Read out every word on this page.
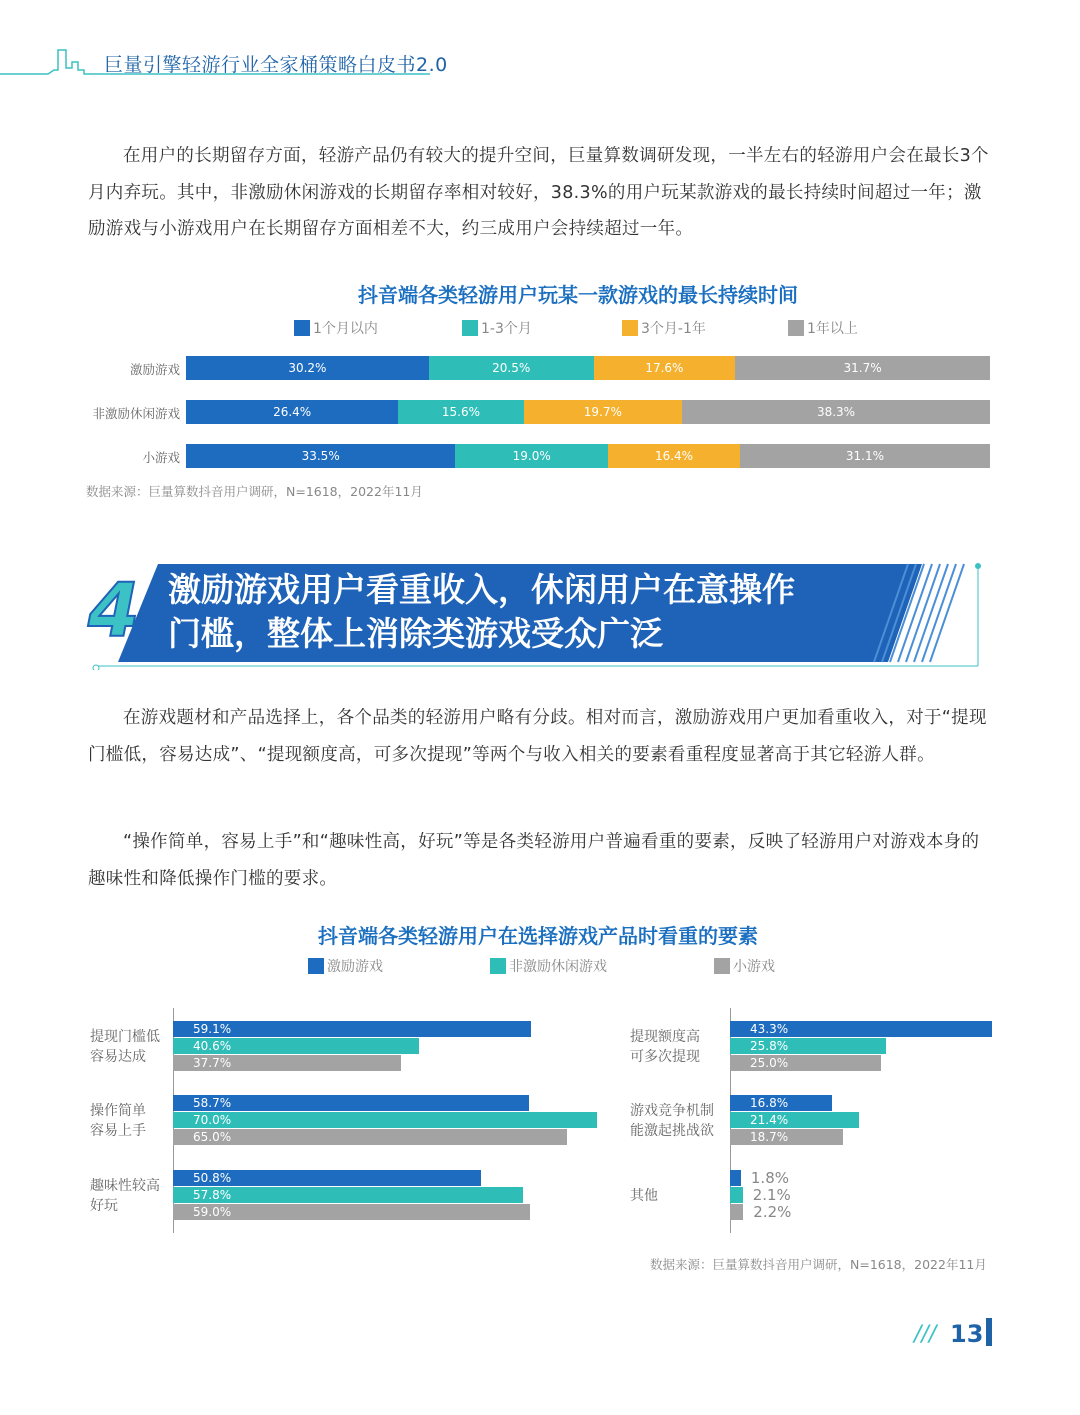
巨量引擎轻游行业全家桶策略白皮书2.0

在用户的长期留存方面，轻游产品仍有较大的提升空间，巨量算数调研发现，一半左右的轻游用户会在最长3个月内弃玩。其中，非激励休闲游戏的长期留存率相对较好，38.3%的用户玩某款游戏的最长持续时间超过一年；激励游戏与小游戏用户在长期留存方面相差不大，约三成用户会持续超过一年。

抖音端各类轻游用户玩某一款游戏的最长持续时间
1个月以内	1-3个月	3个月-1年	1年以上
激励游戏	30.2%	20.5%	17.6%	31.7%
非激励休闲游戏	26.4%	15.6%	19.7%	38.3%
小游戏	33.5%	19.0%	16.4%	31.1%
数据来源：巨量算数抖音用户调研，N=1618，2022年11月
4 激励游戏用户看重收入，休闲用户在意操作
门槛，整体上消除类游戏受众广泛

在游戏题材和产品选择上，各个品类的轻游用户略有分歧。相对而言，激励游戏用户更加看重收入，对于“提现门槛低，容易达成”、“提现额度高，可多次提现”等两个与收入相关的要素看重程度显著高于其它轻游人群。

“操作简单，容易上手”和“趣味性高，好玩”等是各类轻游用户普遍看重的要素，反映了轻游用户对游戏本身的趣味性和降低操作门槛的要求。

抖音端各类轻游用户在选择游戏产品时看重的要素
激励游戏	非激励休闲游戏	小游戏
提现门槛低
容易达成
59.1%
40.6%
37.7%
操作简单
容易上手
58.7%
70.0%
65.0%
趣味性较高
好玩
50.8%
57.8%
59.0%
提现额度高
可多次提现
43.3%
25.8%
25.0%
游戏竞争机制
能激起挑战欲
16.8%
21.4%
18.7%
其他
1.8%
2.1%
2.2%
数据来源：巨量算数抖音用户调研，N=1618，2022年11月
/// 13
